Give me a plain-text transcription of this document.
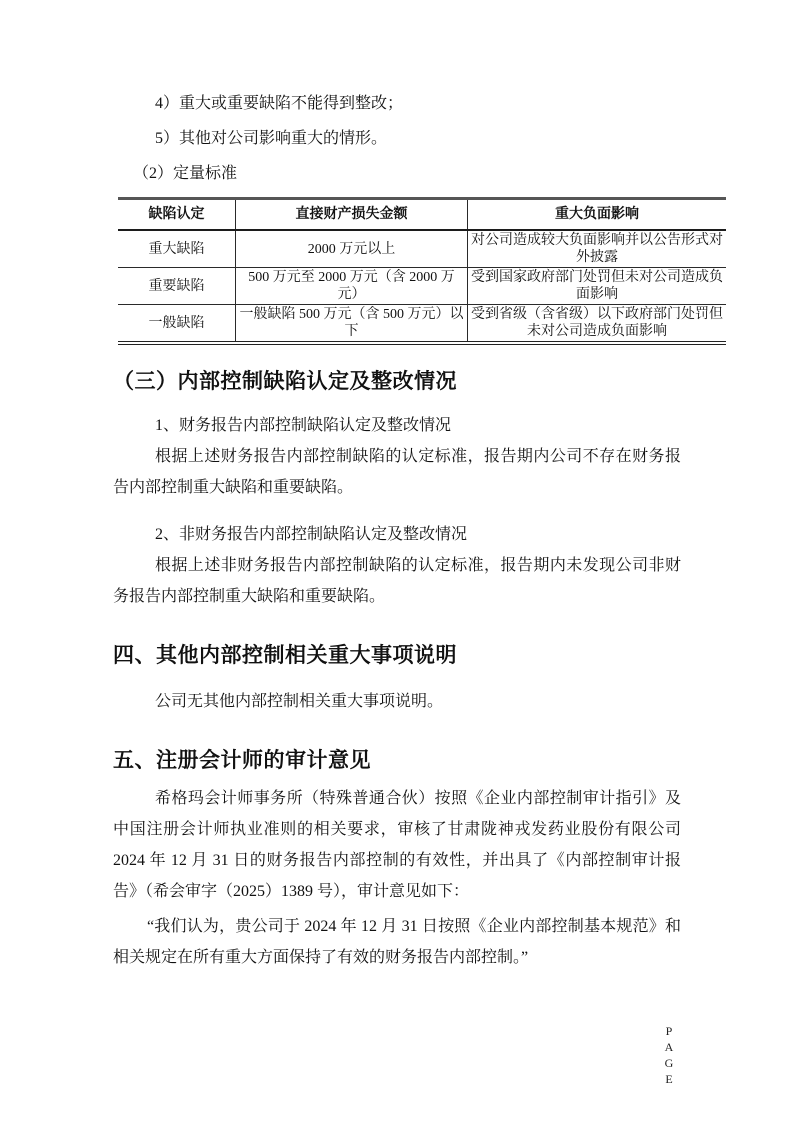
4）重大或重要缺陷不能得到整改；
5）其他对公司影响重大的情形。
（2）定量标准
缺陷认定	直接财产损失金额	重大负面影响
重大缺陷	2000 万元以上	对公司造成较大负面影响并以公告形式对外披露
重要缺陷	500 万元至 2000 万元（含 2000 万元）	受到国家政府部门处罚但未对公司造成负面影响
一般缺陷	一般缺陷 500 万元（含 500 万元）以下	受到省级（含省级）以下政府部门处罚但未对公司造成负面影响
（三）内部控制缺陷认定及整改情况
1、财务报告内部控制缺陷认定及整改情况

根据上述财务报告内部控制缺陷的认定标准，报告期内公司不存在财务报告内部控制重大缺陷和重要缺陷。

2、非财务报告内部控制缺陷认定及整改情况

根据上述非财务报告内部控制缺陷的认定标准，报告期内未发现公司非财务报告内部控制重大缺陷和重要缺陷。

四、其他内部控制相关重大事项说明

公司无其他内部控制相关重大事项说明。

五、注册会计师的审计意见

希格玛会计师事务所（特殊普通合伙）按照《企业内部控制审计指引》及中国注册会计师执业准则的相关要求，审核了甘肃陇神戎发药业股份有限公司 2024 年 12 月 31 日的财务报告内部控制的有效性，并出具了《内部控制审计报告》（希会审字（2025）1389 号），审计意见如下：

“我们认为，贵公司于 2024 年 12 月 31 日按照《企业内部控制基本规范》和相关规定在所有重大方面保持了有效的财务报告内部控制。”

PAGE
